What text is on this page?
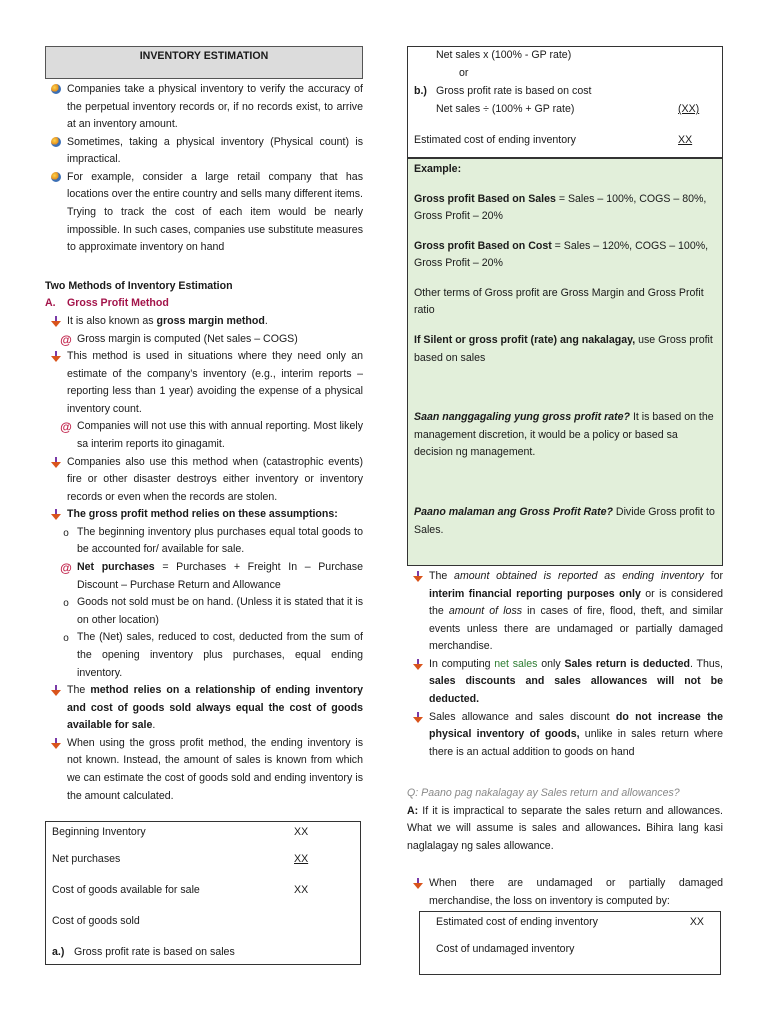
INVENTORY ESTIMATION
Companies take a physical inventory to verify the accuracy of the perpetual inventory records or, if no records exist, to arrive at an inventory amount.
Sometimes, taking a physical inventory (Physical count) is impractical.
For example, consider a large retail company that has locations over the entire country and sells many different items. Trying to track the cost of each item would be nearly impossible. In such cases, companies use substitute measures to approximate inventory on hand
Two Methods of Inventory Estimation
A. Gross Profit Method
It is also known as gross margin method.
@ Gross margin is computed (Net sales – COGS)
This method is used in situations where they need only an estimate of the company’s inventory (e.g., interim reports – reporting less than 1 year) avoiding the expense of a physical inventory count.
@ Companies will not use this with annual reporting. Most likely sa interim reports ito ginagamit.
Companies also use this method when (catastrophic events) fire or other disaster destroys either inventory or inventory records or even when the records are stolen.
The gross profit method relies on these assumptions:
o The beginning inventory plus purchases equal total goods to be accounted for/ available for sale.
@ Net purchases = Purchases + Freight In – Purchase Discount – Purchase Return and Allowance
o Goods not sold must be on hand. (Unless it is stated that it is on other location)
o The (Net) sales, reduced to cost, deducted from the sum of the opening inventory plus purchases, equal ending inventory.
The method relies on a relationship of ending inventory and cost of goods sold always equal the cost of goods available for sale.
When using the gross profit method, the ending inventory is not known. Instead, the amount of sales is known from which we can estimate the cost of goods sold and ending inventory is the amount calculated.
Beginning Inventory	XX
Net purchases	XX
Cost of goods available for sale	XX
Cost of goods sold
a.) Gross profit rate is based on sales
Net sales x (100% - GP rate)
or
b.) Gross profit rate is based on cost
Net sales ÷ (100% + GP rate)	(XX)
Estimated cost of ending inventory	XX

Example:

Gross profit Based on Sales = Sales – 100%, COGS – 80%, Gross Profit – 20%

Gross profit Based on Cost = Sales – 120%, COGS – 100%, Gross Profit – 20%

Other terms of Gross profit are Gross Margin and Gross Profit ratio

If Silent or gross profit (rate) ang nakalagay, use Gross profit based on sales

Saan nanggagaling yung gross profit rate? It is based on the management discretion, it would be a policy or based sa decision ng management.

Paano malaman ang Gross Profit Rate? Divide Gross profit to Sales.

The amount obtained is reported as ending inventory for interim financial reporting purposes only or is considered the amount of loss in cases of fire, flood, theft, and similar events unless there are undamaged or partially damaged merchandise.
In computing net sales only Sales return is deducted. Thus, sales discounts and sales allowances will not be deducted.
Sales allowance and sales discount do not increase the physical inventory of goods, unlike in sales return where there is an actual addition to goods on hand
Q: Paano pag nakalagay ay Sales return and allowances?
A: If it is impractical to separate the sales return and allowances. What we will assume is sales and allowances. Bihira lang kasi naglalagay ng sales allowance.
When there are undamaged or partially damaged merchandise, the loss on inventory is computed by:
Estimated cost of ending inventory	XX
Cost of undamaged inventory
